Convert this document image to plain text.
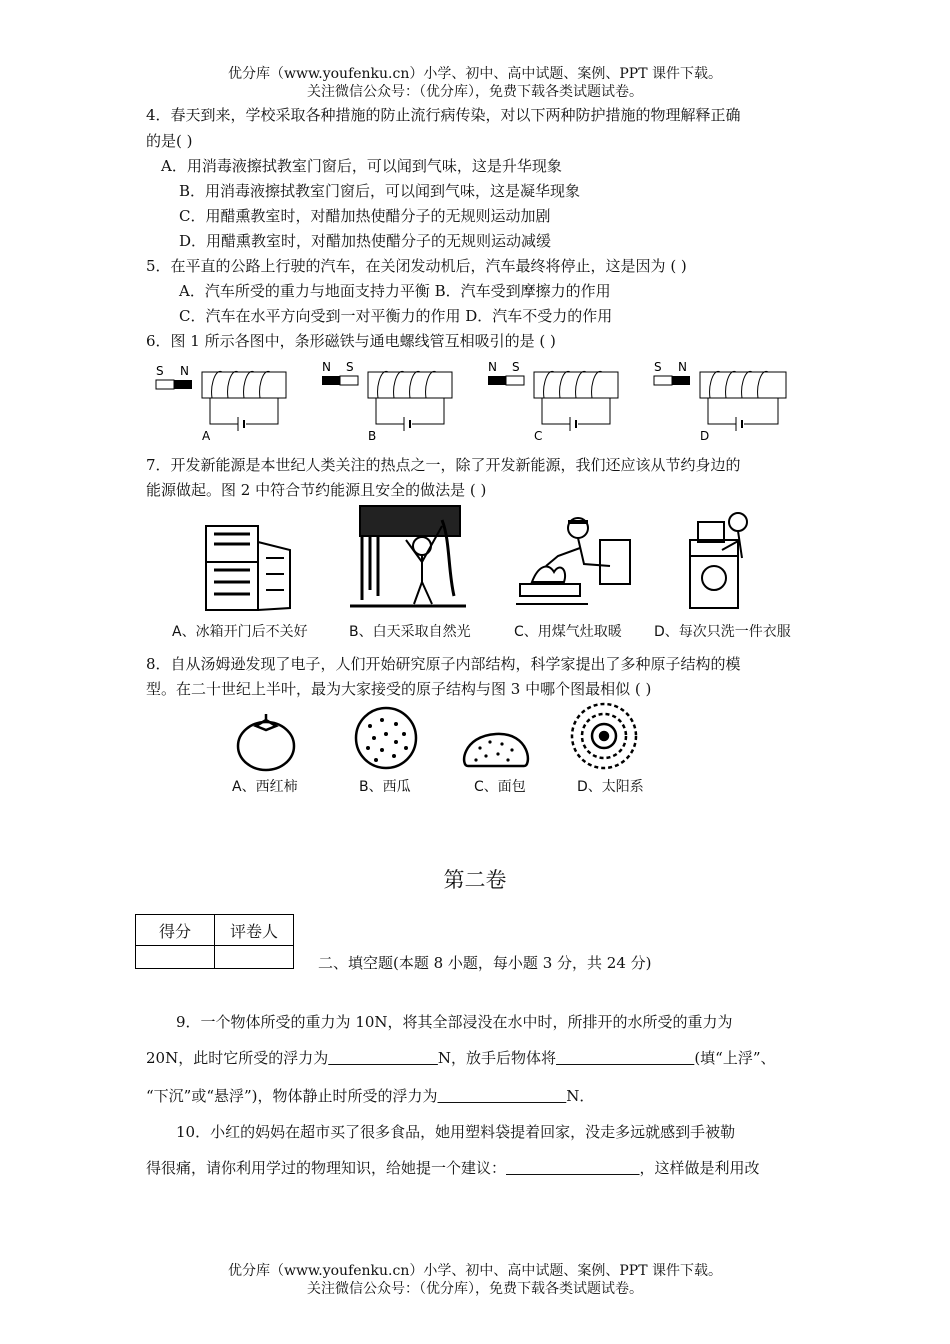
优分库（www.youfenku.cn）小学、初中、高中试题、案例、PPT 课件下载。
关注微信公众号：（优分库），免费下载各类试题试卷。
4．春天到来，学校采取各种措施的防止流行病传染，对以下两种防护措施的物理解释正确
的是( )
A．用消毒液擦拭教室门窗后，可以闻到气味，这是升华现象
B．用消毒液擦拭教室门窗后，可以闻到气味，这是凝华现象
C．用醋熏教室时，对醋加热使醋分子的无规则运动加剧
D．用醋熏教室时，对醋加热使醋分子的无规则运动减缓
5．在平直的公路上行驶的汽车，在关闭发动机后，汽车最终将停止，这是因为 ( )
A．汽车所受的重力与地面支持力平衡 B．汽车受到摩擦力的作用
C．汽车在水平方向受到一对平衡力的作用 D．汽车不受力的作用
6．图 1 所示各图中，条形磁铁与通电螺线管互相吸引的是 ( )
S N
A
N S
B
N S
C
S N
D
7．开发新能源是本世纪人类关注的热点之一，除了开发新能源，我们还应该从节约身边的
能源做起。图 2 中符合节约能源且安全的做法是 ( )
A、冰箱开门后不关好	B、白天采取自然光	C、用煤气灶取暖 D、每次只洗一件衣服
8．自从汤姆逊发现了电子，人们开始研究原子内部结构，科学家提出了多种原子结构的模
型。在二十世纪上半叶，最为大家接受的原子结构与图 3 中哪个图最相似 ( )
A、西红柿	B、西瓜	C、面包	D、太阳系
第二卷
得分	评卷人

二、填空题(本题 8 小题，每小题 3 分，共 24 分)
9．一个物体所受的重力为 10N，将其全部浸没在水中时，所排开的水所受的重力为
20N，此时它所受的浮力为	N，放手后物体将	(填“上浮”、
“下沉”或“悬浮”)，物体静止时所受的浮力为	N．
10．小红的妈妈在超市买了很多食品，她用塑料袋提着回家，没走多远就感到手被勒
得很痛，请你利用学过的物理知识，给她提一个建议：	，这样做是利用改
优分库（www.youfenku.cn）小学、初中、高中试题、案例、PPT 课件下载。
关注微信公众号：（优分库），免费下载各类试题试卷。
